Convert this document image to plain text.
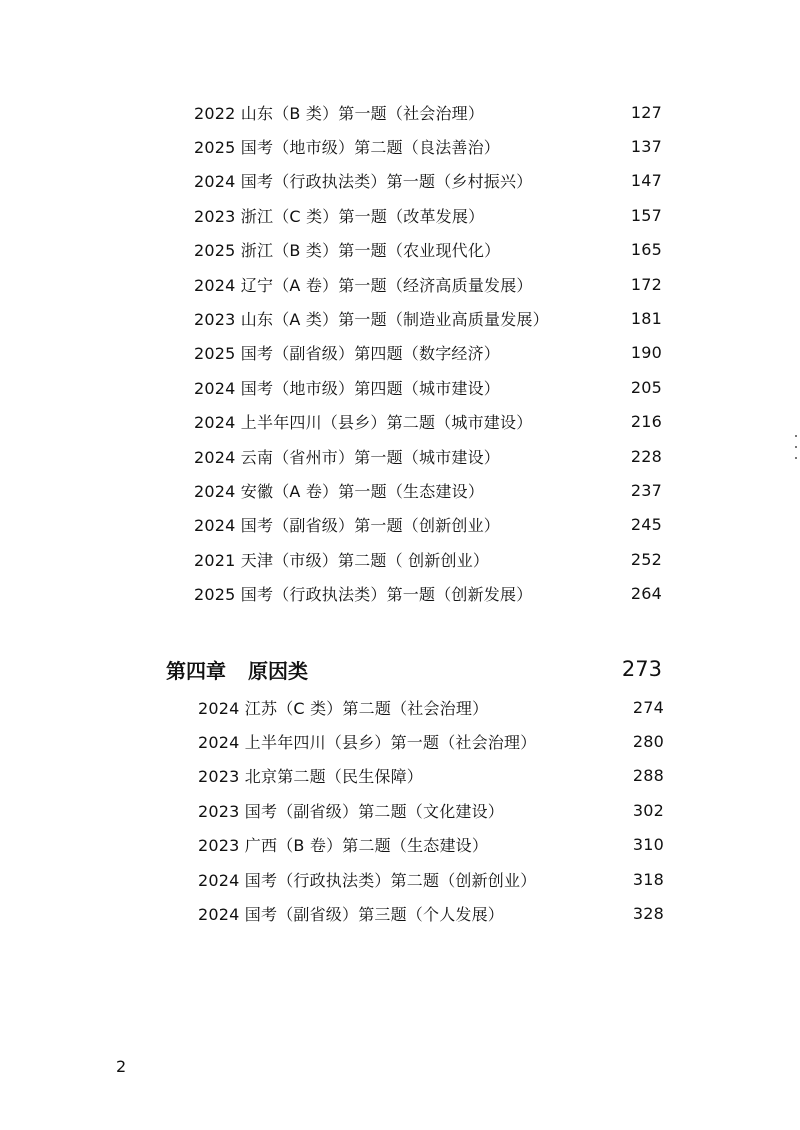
2022 山东（B 类）第一题（社会治理）	127
2025 国考（地市级）第二题（良法善治）	137
2024 国考（行政执法类）第一题（乡村振兴）	147
2023 浙江（C 类）第一题（改革发展）	157
2025 浙江（B 类）第一题（农业现代化）	165
2024 辽宁（A 卷）第一题（经济高质量发展）	172
2023 山东（A 类）第一题（制造业高质量发展）	181
2025 国考（副省级）第四题（数字经济）	190
2024 国考（地市级）第四题（城市建设）	205
2024 上半年四川（县乡）第二题（城市建设）	216
2024 云南（省州市）第一题（城市建设）	228
2024 安徽（A 卷）第一题（生态建设）	237
2024 国考（副省级）第一题（创新创业）	245
2021 天津（市级）第二题（ 创新创业）	252
2025 国考（行政执法类）第一题（创新发展）	264
第四章 原因类	273
2024 江苏（C 类）第二题（社会治理）	274
2024 上半年四川（县乡）第一题（社会治理）	280
2023 北京第二题（民生保障）	288
2023 国考（副省级）第二题（文化建设）	302
2023 广西（B 卷）第二题（生态建设）	310
2024 国考（行政执法类）第二题（创新创业）	318
2024 国考（副省级）第三题（个人发展）	328
2
